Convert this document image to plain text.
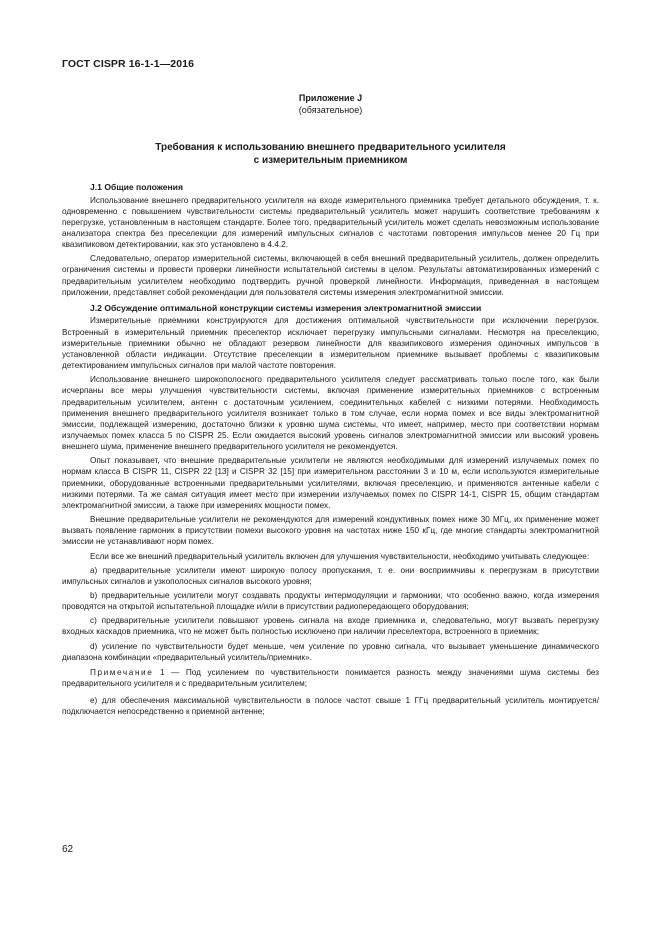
ГОСТ CISPR 16-1-1—2016
Приложение J
(обязательное)
Требования к использованию внешнего предварительного усилителя
с измерительным приемником
J.1 Общие положения

Использование внешнего предварительного усилителя на входе измерительного приемника требует детального обсуждения, т. к. одновременно с повышением чувствительности системы предварительный усилитель может нарушить соответствие требованиям к перегрузке, установленным в настоящем стандарте. Более того, предварительный усилитель может сделать невозможным использование анализатора спектра без преселекции для измерений импульсных сигналов с частотами повторения импульсов менее 20 Гц при квазипиковом детектировании, как это установлено в 4.4.2.

Следовательно, оператор измерительной системы, включающей в себя внешний предварительный усилитель, должен определить ограничения системы и провести проверки линейности испытательной системы в целом. Результаты автоматизированных измерений с предварительным усилителем необходимо подтвердить ручной проверкой линейности. Информация, приведенная в настоящем приложении, представляет собой рекомендации для пользователя системы измерения электромагнитной эмиссии.

J.2 Обсуждение оптимальной конструкции системы измерения электромагнитной эмиссии

Измерительные приемники конструируются для достижения оптимальной чувствительности при исключении перегрузок. Встроенный в измерительный приемник преселектор исключает перегрузку импульсными сигналами. Несмотря на преселекцию, измерительные приемники обычно не обладают резервом линейности для квазипикового измерения одиночных импульсов в установленной области индикации. Отсутствие преселекции в измерительном приемнике вызывает проблемы с квазипиковым детектированием импульсных сигналов при малой частоте повторения.

Использование внешнего широкополосного предварительного усилителя следует рассматривать только после того, как были исчерпаны все меры улучшения чувствительности системы, включая применение измерительных приемников с встроенным предварительным усилителем, антенн с достаточным усилением, соединительных кабелей с низкими потерями. Необходимость применения внешнего предварительного усилителя возникает только в том случае, если норма помех и все виды электромагнитной эмиссии, подлежащей измерению, достаточно близки к уровню шума системы, что имеет, например, место при соответствии нормам излучаемых помех класса 5 по CISPR 25. Если ожидается высокий уровень сигналов электромагнитной эмиссии или высокий уровень внешнего шума, применение внешнего предварительного усилителя не рекомендуется.

Опыт показывает, что внешние предварительные усилители не являются необходимыми для измерений излучаемых помех по нормам класса B CISPR 11, CISPR 22 [13] и CISPR 32 [15] при измерительном расстоянии 3 и 10 м, если используются измерительные приемники, оборудованные встроенными предварительными усилителями, включая преселекцию, и применяются антенные кабели с низкими потерями. Та же самая ситуация имеет место при измерении излучаемых помех по CISPR 14-1, CISPR 15, общим стандартам электромагнитной эмиссии, а также при измерениях мощности помех.

Внешние предварительные усилители не рекомендуются для измерений кондуктивных помех ниже 30 МГц, их применение может вызвать появление гармоник в присутствии помехи высокого уровня на частотах ниже 150 кГц, где многие стандарты электромагнитной эмиссии не устанавливают норм помех.

Если все же внешний предварительный усилитель включен для улучшения чувствительности, необходимо учитывать следующее:

а) предварительные усилители имеют широкую полосу пропускания, т. е. они восприимчивы к перегрузкам в присутствии импульсных сигналов и узкополосных сигналов высокого уровня;

b) предварительные усилители могут создавать продукты интермодуляции и гармоники, что особенно важно, когда измерения проводятся на открытой испытательной площадке и/или в присутствии радиопередающего оборудования;

c) предварительные усилители повышают уровень сигнала на входе приемника и, следовательно, могут вызвать перегрузку входных каскадов приемника, что не может быть полностью исключено при наличии преселектора, встроенного в приемник;

d) усиление по чувствительности будет меньше, чем усиление по уровню сигнала, что вызывает уменьшение динамического диапазона комбинации «предварительный усилитель/приемник».

Примечание 1 — Под усилением по чувствительности понимается разность между значениями шума системы без предварительного усилителя и с предварительным усилителем;

e) для обеспечения максимальной чувствительности в полосе частот свыше 1 ГГц предварительный усилитель монтируется/подключается непосредственно к приемной антенне;

62
